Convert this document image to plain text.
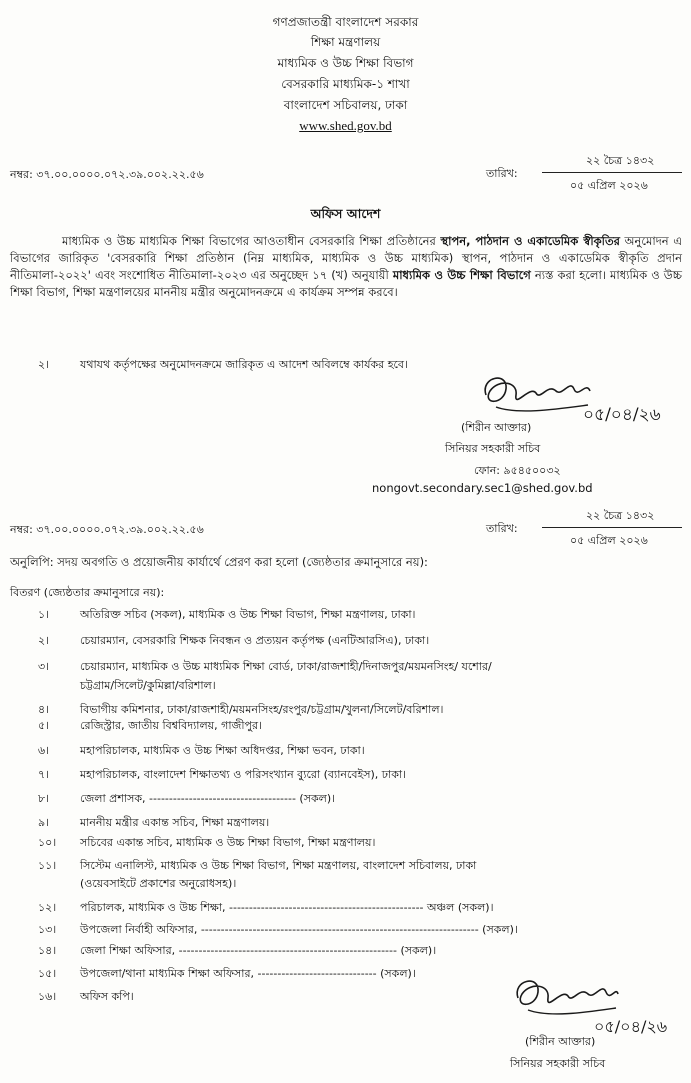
গণপ্রজাতন্ত্রী বাংলাদেশ সরকার
শিক্ষা মন্ত্রণালয়
মাধ্যমিক ও উচ্চ শিক্ষা বিভাগ
বেসরকারি মাধ্যমিক-১ শাখা
বাংলাদেশ সচিবালয়, ঢাকা
www.shed.gov.bd
নম্বর: ৩৭.০০.০০০০.০৭২.৩৯.০০২.২২.৫৬	তারিখ:
২২ চৈত্র ১৪৩২
০৫ এপ্রিল ২০২৬
অফিস আদেশ
মাধ্যমিক ও উচ্চ মাধ্যমিক শিক্ষা বিভাগের আওতাধীন বেসরকারি শিক্ষা প্রতিষ্ঠানের স্থাপন, পাঠদান ও একাডেমিক স্বীকৃতির অনুমোদন এ বিভাগের জারিকৃত 'বেসরকারি শিক্ষা প্রতিষ্ঠান (নিম্ন মাধ্যমিক, মাধ্যমিক ও উচ্চ মাধ্যমিক) স্থাপন, পাঠদান ও একাডেমিক স্বীকৃতি প্রদান নীতিমালা-২০২২' এবং সংশোধিত নীতিমালা-২০২৩ এর অনুচ্ছেদ ১৭ (খ) অনুযায়ী মাধ্যমিক ও উচ্চ শিক্ষা বিভাগে ন্যস্ত করা হলো। মাধ্যমিক ও উচ্চ শিক্ষা বিভাগ, শিক্ষা মন্ত্রণালয়ের মাননীয় মন্ত্রীর অনুমোদনক্রমে এ কার্যক্রম সম্পন্ন করবে।
২।	যথাযথ কর্তৃপক্ষের অনুমোদনক্রমে জারিকৃত এ আদেশ অবিলম্বে কার্যকর হবে।
০৫/০৪/২৬
(শিরীন আক্তার)
সিনিয়র সহকারী সচিব
ফোন: ৯৫৪৫০০৩২
nongovt.secondary.sec1@shed.gov.bd
নম্বর: ৩৭.০০.০০০০.০৭২.৩৯.০০২.২২.৫৬	তারিখ:
২২ চৈত্র ১৪৩২
০৫ এপ্রিল ২০২৬
অনুলিপি: সদয় অবগতি ও প্রয়োজনীয় কার্যার্থে প্রেরণ করা হলো (জ্যেষ্ঠতার ক্রমানুসারে নয়):
বিতরণ (জ্যেষ্ঠতার ক্রমানুসারে নয়):
১।	অতিরিক্ত সচিব (সকল), মাধ্যমিক ও উচ্চ শিক্ষা বিভাগ, শিক্ষা মন্ত্রণালয়, ঢাকা।
২।	চেয়ারম্যান, বেসরকারি শিক্ষক নিবন্ধন ও প্রত্যয়ন কর্তৃপক্ষ (এনটিআরসিএ), ঢাকা।
৩।	চেয়ারম্যান, মাধ্যমিক ও উচ্চ মাধ্যমিক শিক্ষা বোর্ড, ঢাকা/রাজশাহী/দিনাজপুর/ময়মনসিংহ/ যশোর/
চট্টগ্রাম/সিলেট/কুমিল্লা/বরিশাল।
৪।	বিভাগীয় কমিশনার, ঢাকা/রাজশাহী/ময়মনসিংহ/রংপুর/চট্টগ্রাম/খুলনা/সিলেট/বরিশাল।
৫।	রেজিস্ট্রার, জাতীয় বিশ্ববিদ্যালয়, গাজীপুর।
৬।	মহাপরিচালক, মাধ্যমিক ও উচ্চ শিক্ষা অধিদপ্তর, শিক্ষা ভবন, ঢাকা।
৭।	মহাপরিচালক, বাংলাদেশ শিক্ষাতথ্য ও পরিসংখ্যান ব্যুরো (ব্যানবেইস), ঢাকা।
৮।	জেলা প্রশাসক, ------------------------------------- (সকল)।
৯।	মাননীয় মন্ত্রীর একান্ত সচিব, শিক্ষা মন্ত্রণালয়।
১০। সচিবের একান্ত সচিব, মাধ্যমিক ও উচ্চ শিক্ষা বিভাগ, শিক্ষা মন্ত্রণালয়।
১১। সিস্টেম এনালিস্ট, মাধ্যমিক ও উচ্চ শিক্ষা বিভাগ, শিক্ষা মন্ত্রণালয়, বাংলাদেশ সচিবালয়, ঢাকা
(ওয়েবসাইটে প্রকাশের অনুরোধসহ)।
১২। পরিচালক, মাধ্যমিক ও উচ্চ শিক্ষা, ------------------------------------------------- অঞ্চল (সকল)।
১৩। উপজেলা নির্বাহী অফিসার, ---------------------------------------------------------------------- (সকল)।
১৪। জেলা শিক্ষা অফিসার, ------------------------------------------------------- (সকল)।
১৫। উপজেলা/থানা মাধ্যমিক শিক্ষা অফিসার, ------------------------------ (সকল)।
১৬। অফিস কপি।
০৫/০৪/২৬
(শিরীন আক্তার)
সিনিয়র সহকারী সচিব
